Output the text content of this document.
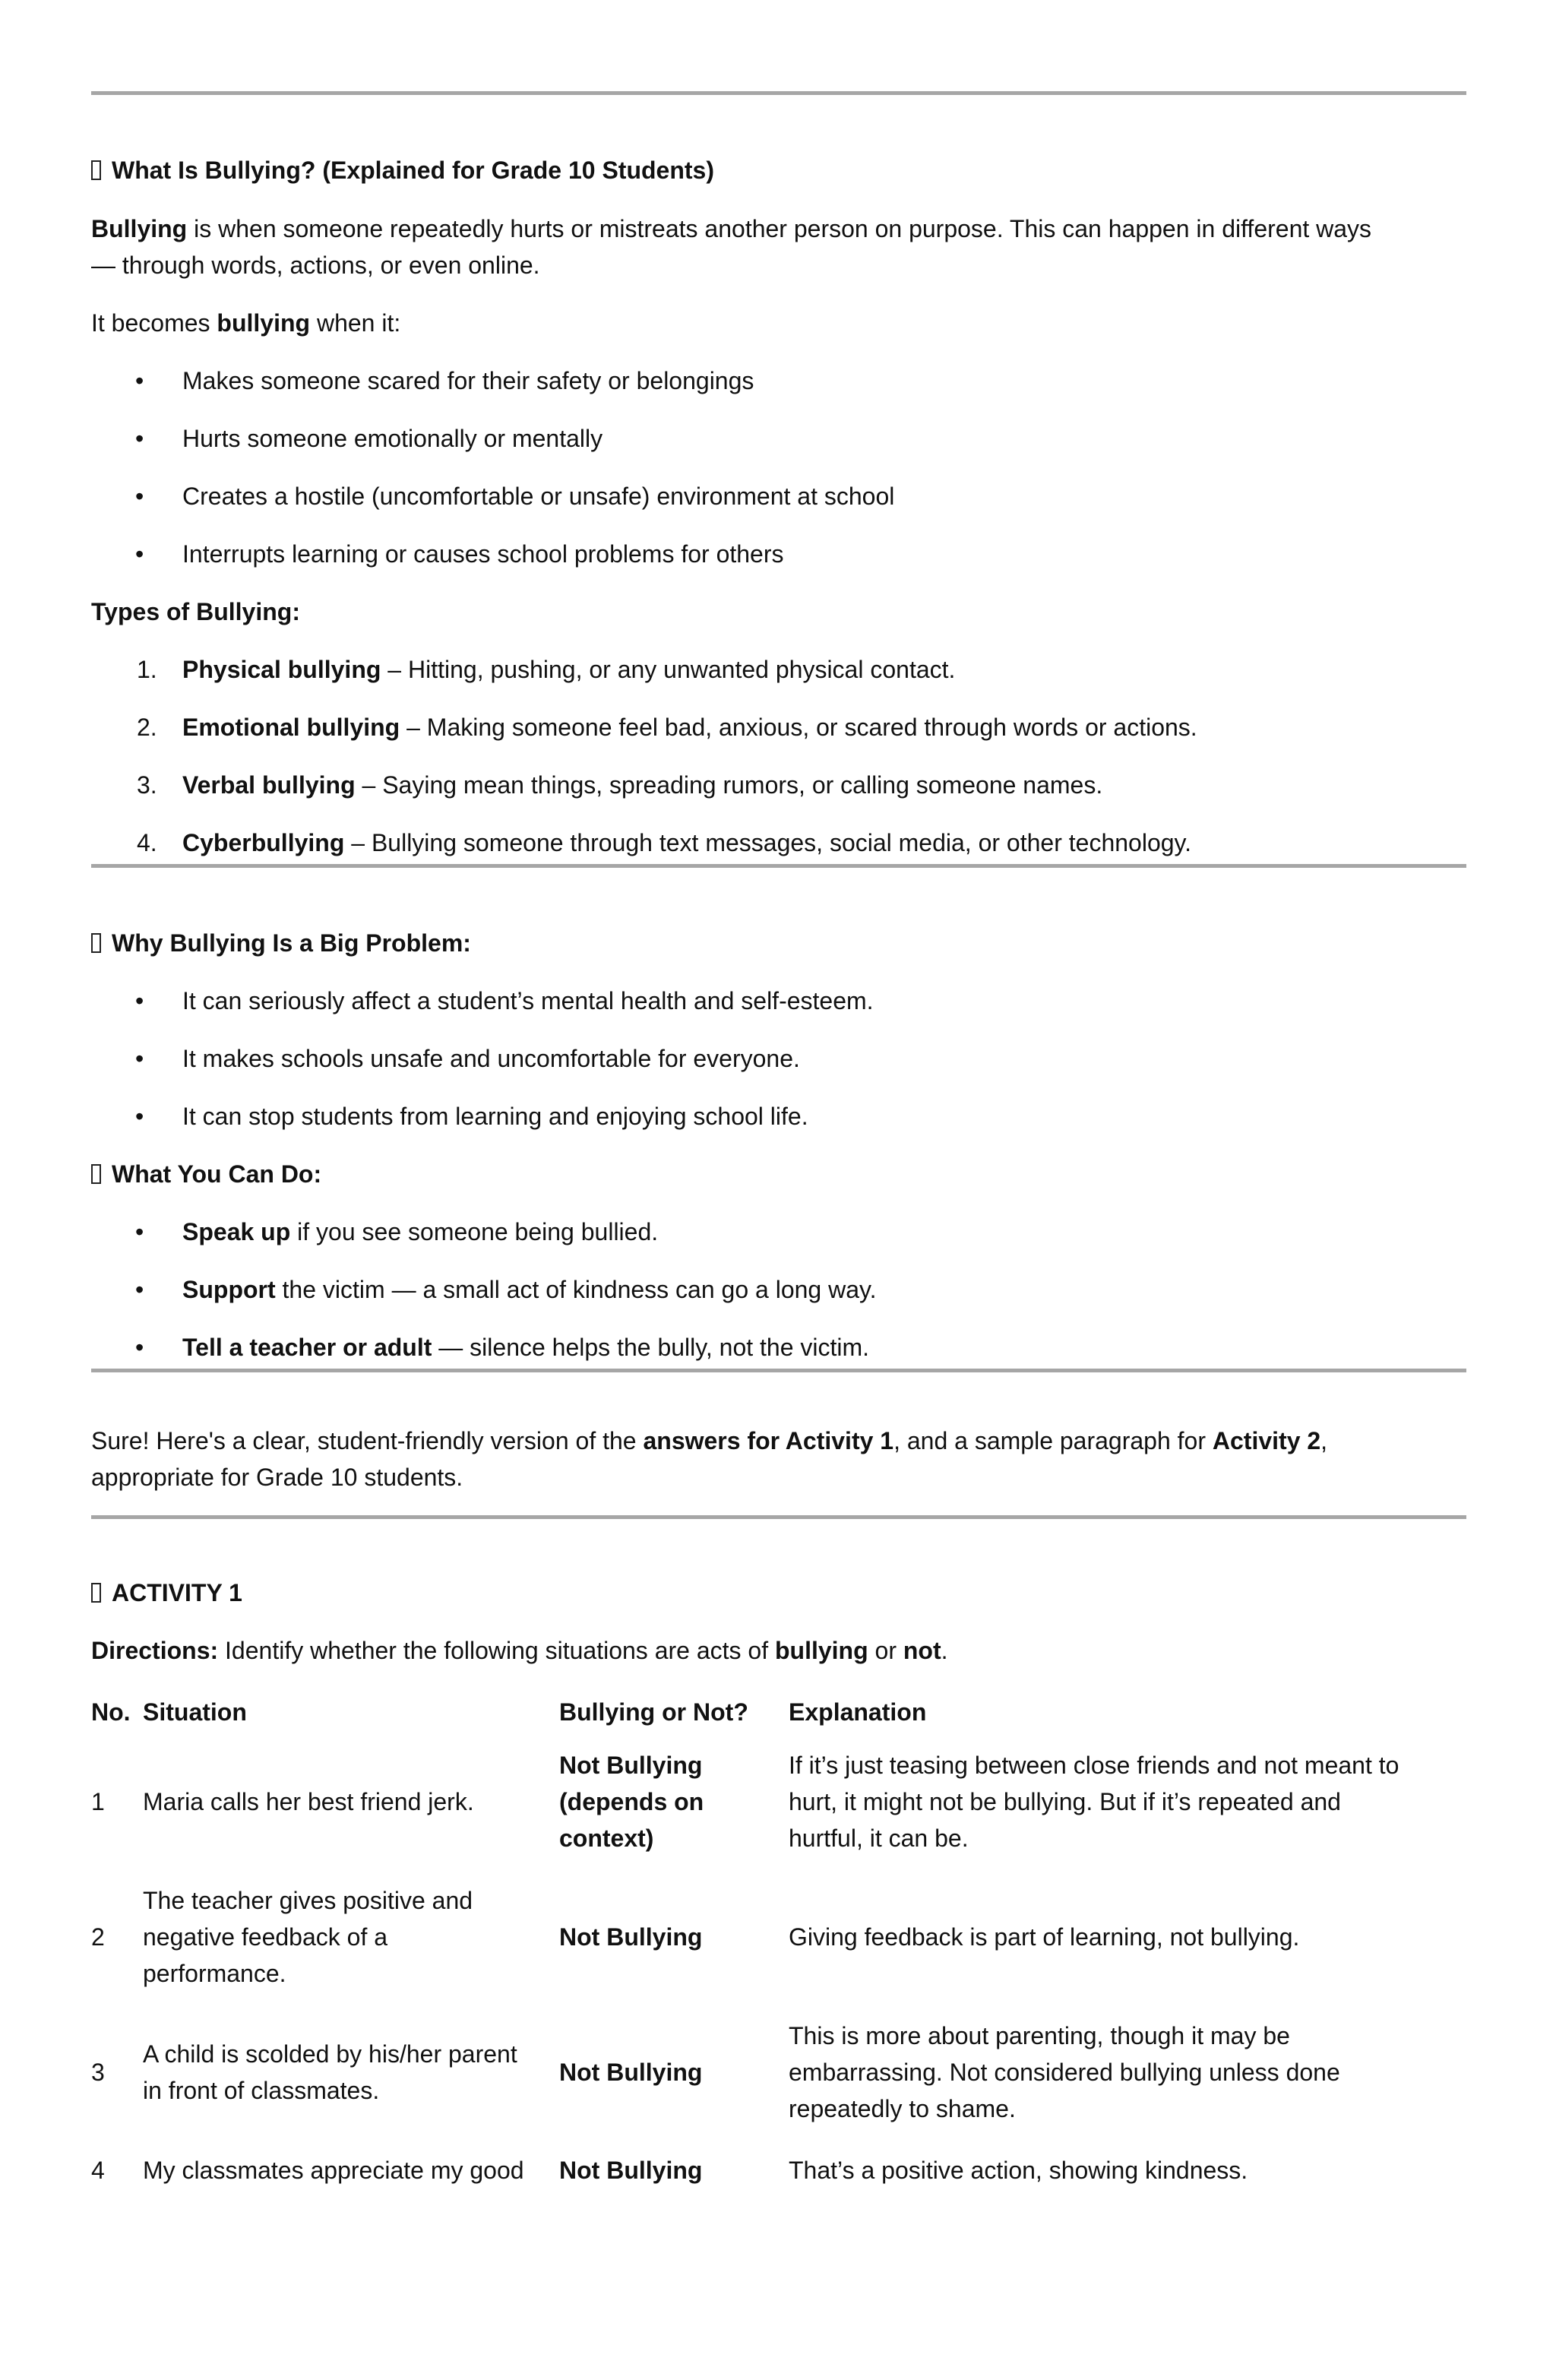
What Is Bullying? (Explained for Grade 10 Students)

Bullying is when someone repeatedly hurts or mistreats another person on purpose. This can happen in different ways
— through words, actions, or even online.

It becomes bullying when it:

• Makes someone scared for their safety or belongings
• Hurts someone emotionally or mentally
• Creates a hostile (uncomfortable or unsafe) environment at school
• Interrupts learning or causes school problems for others

Types of Bullying:

1. Physical bullying – Hitting, pushing, or any unwanted physical contact.
2. Emotional bullying – Making someone feel bad, anxious, or scared through words or actions.
3. Verbal bullying – Saying mean things, spreading rumors, or calling someone names.
4. Cyberbullying – Bullying someone through text messages, social media, or other technology.
Why Bullying Is a Big Problem:
• It can seriously affect a student’s mental health and self-esteem.
• It makes schools unsafe and uncomfortable for everyone.
• It can stop students from learning and enjoying school life.
What You Can Do:
• Speak up if you see someone being bullied.
• Support the victim — a small act of kindness can go a long way.
• Tell a teacher or adult — silence helps the bully, not the victim.

Sure! Here's a clear, student-friendly version of the answers for Activity 1, and a sample paragraph for Activity 2,
appropriate for Grade 10 students.

ACTIVITY 1

Directions: Identify whether the following situations are acts of bullying or not.

No.	Situation	Bullying or Not?	Explanation
1	Maria calls her best friend jerk.	Not Bullying
(depends on
context)	If it’s just teasing between close friends and not meant to
hurt, it might not be bullying. But if it’s repeated and
hurtful, it can be.
2	The teacher gives positive and
negative feedback of a
performance.	Not Bullying	Giving feedback is part of learning, not bullying.
3	A child is scolded by his/her parent
in front of classmates.	Not Bullying	This is more about parenting, though it may be
embarrassing. Not considered bullying unless done
repeatedly to shame.
4	My classmates appreciate my good	Not Bullying	That’s a positive action, showing kindness.
